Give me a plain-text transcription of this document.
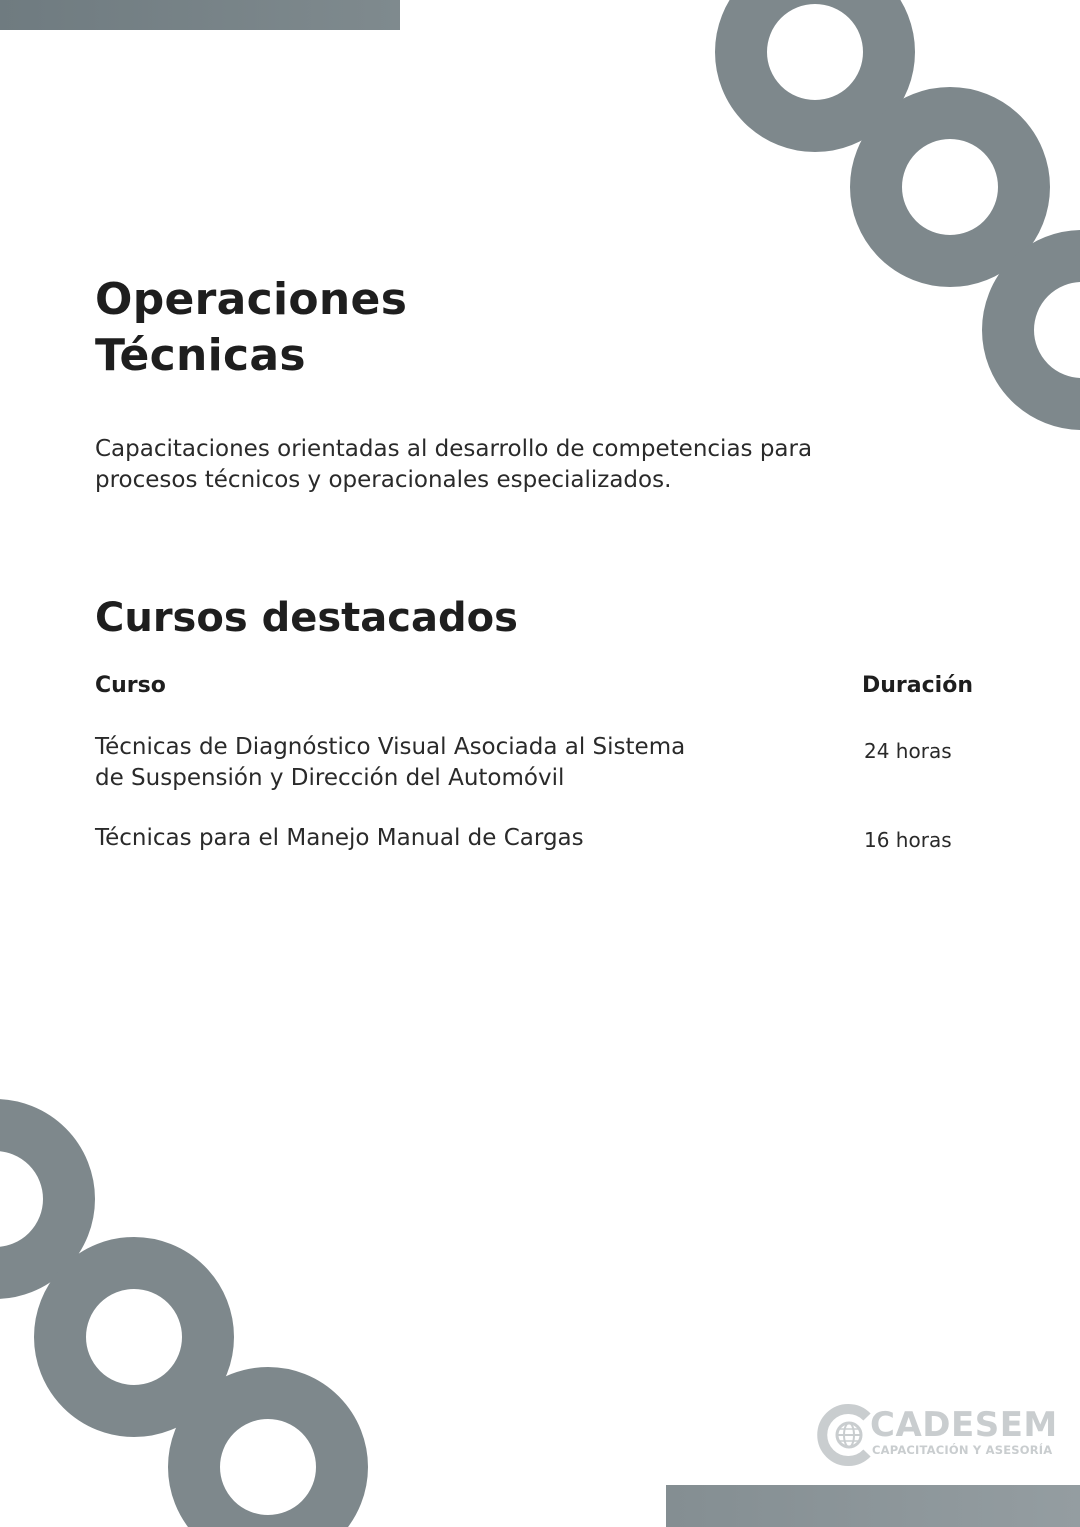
Operaciones
Técnicas

Capacitaciones orientadas al desarrollo de competencias para
procesos técnicos y operacionales especializados.

Cursos destacados
Curso	Duración
Técnicas de Diagnóstico Visual Asociada al Sistema
de Suspensión y Dirección del Automóvil
24 horas
Técnicas para el Manejo Manual de Cargas	16 horas
CADESEM
CAPACITACIÓN Y ASESORÍA
